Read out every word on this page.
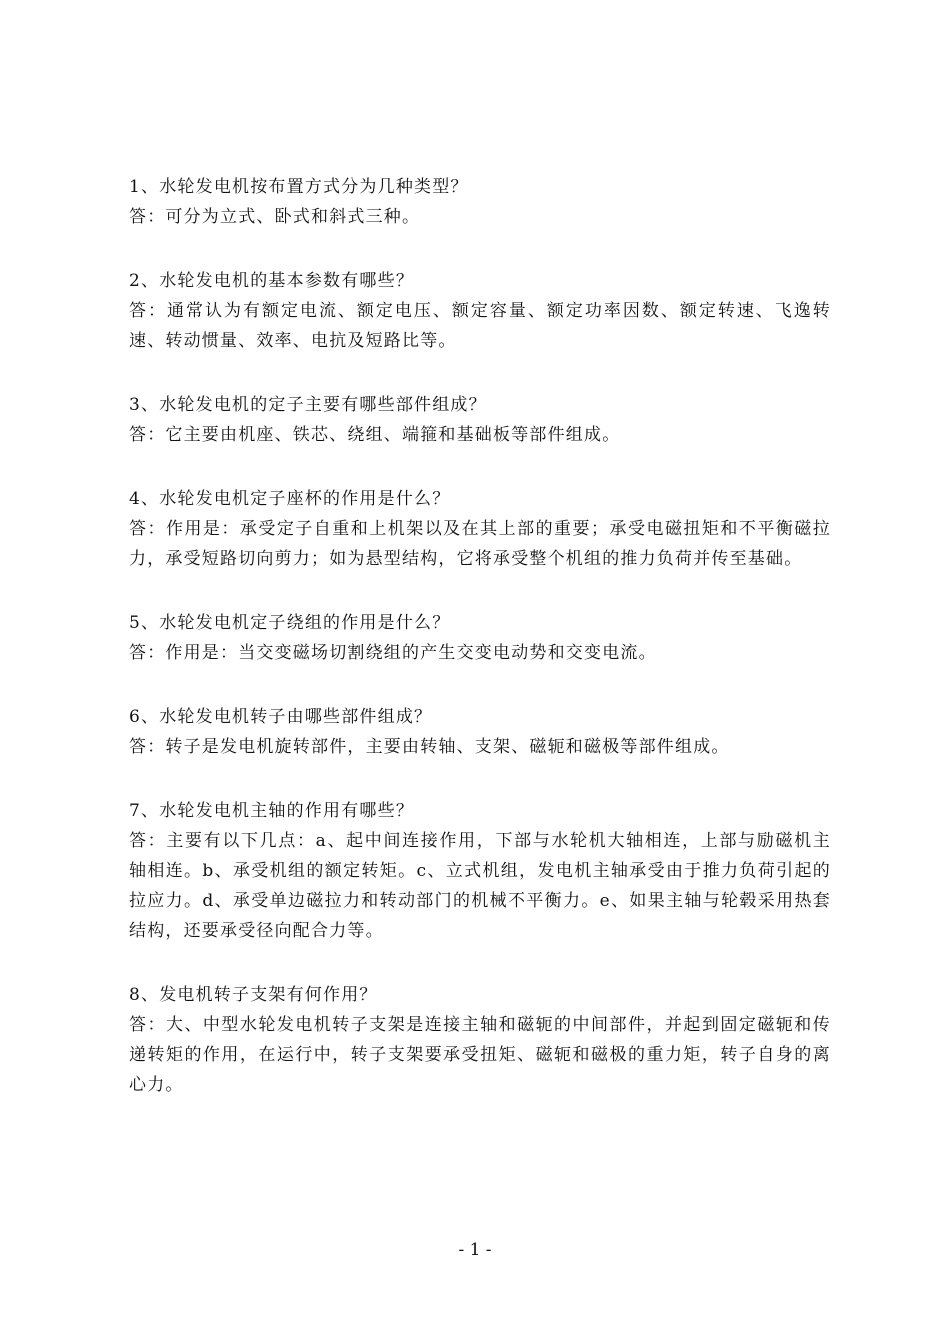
1、水轮发电机按布置方式分为几种类型？
答：可分为立式、卧式和斜式三种。
2、水轮发电机的基本参数有哪些？
答：通常认为有额定电流、额定电压、额定容量、额定功率因数、额定转速、飞逸转速、转动惯量、效率、电抗及短路比等。
3、水轮发电机的定子主要有哪些部件组成？
答：它主要由机座、铁芯、绕组、端箍和基础板等部件组成。
4、水轮发电机定子座杯的作用是什么？
答：作用是：承受定子自重和上机架以及在其上部的重要；承受电磁扭矩和不平衡磁拉力，承受短路切向剪力；如为悬型结构，它将承受整个机组的推力负荷并传至基础。
5、水轮发电机定子绕组的作用是什么？
答：作用是：当交变磁场切割绕组的产生交变电动势和交变电流。
6、水轮发电机转子由哪些部件组成？
答：转子是发电机旋转部件，主要由转轴、支架、磁轭和磁极等部件组成。
7、水轮发电机主轴的作用有哪些？
答：主要有以下几点：a、起中间连接作用，下部与水轮机大轴相连，上部与励磁机主轴相连。b、承受机组的额定转矩。c、立式机组，发电机主轴承受由于推力负荷引起的拉应力。d、承受单边磁拉力和转动部门的机械不平衡力。e、如果主轴与轮毂采用热套结构，还要承受径向配合力等。
8、发电机转子支架有何作用？
答：大、中型水轮发电机转子支架是连接主轴和磁轭的中间部件，并起到固定磁轭和传递转矩的作用，在运行中，转子支架要承受扭矩、磁轭和磁极的重力矩，转子自身的离心力。
- 1 -
